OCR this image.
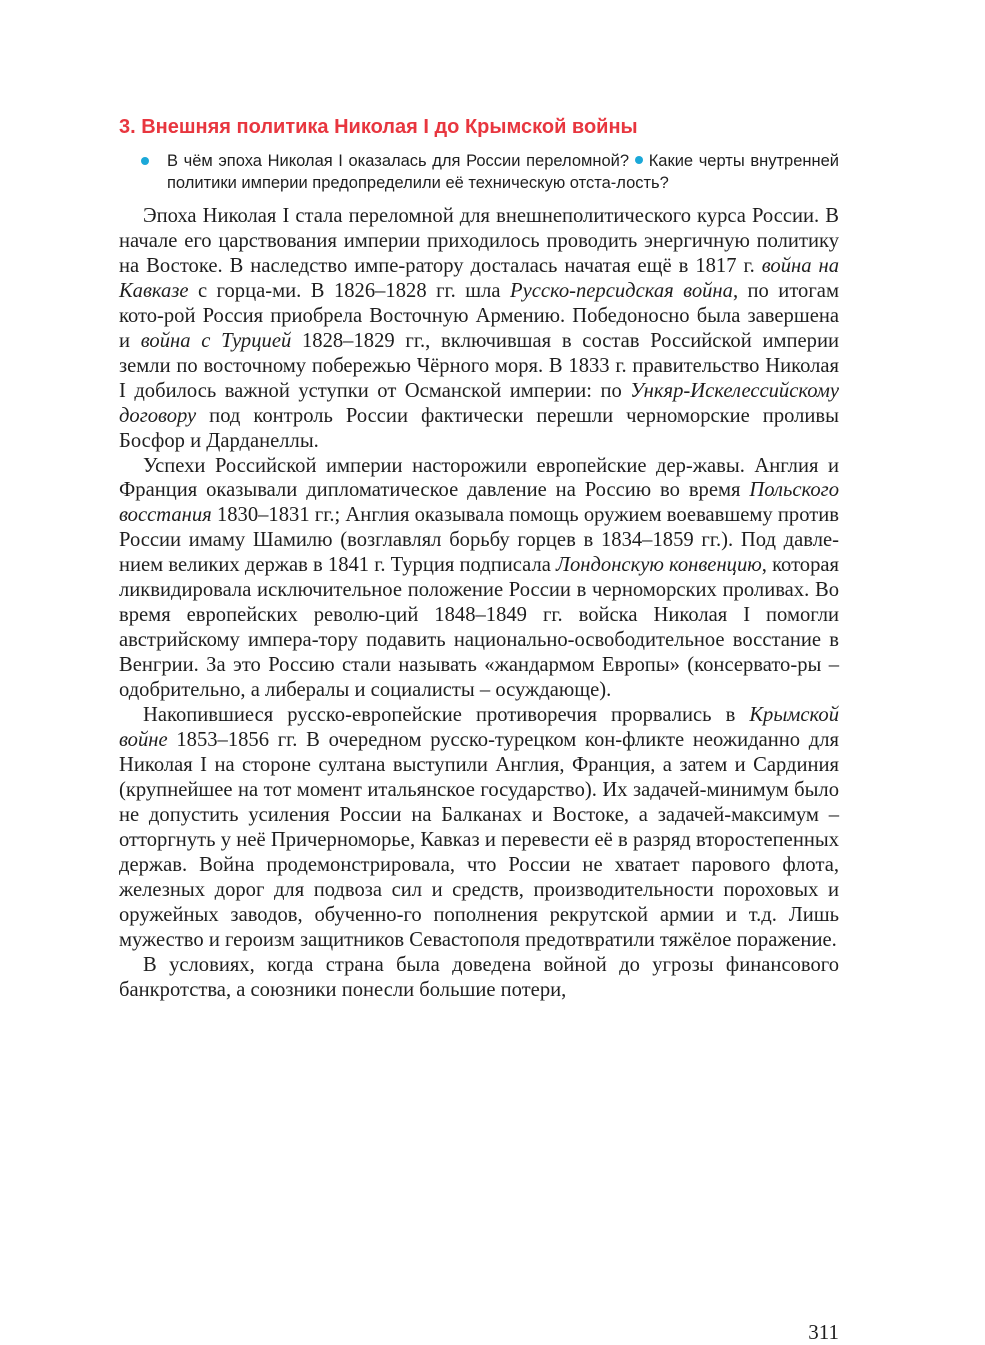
3. Внешняя политика Николая I до Крымской войны
В чём эпоха Николая I оказалась для России переломной? Какие черты внутренней политики империи предопределили её техническую отста-лость?

Эпоха Николая I стала переломной для внешнеполитического курса России. В начале его царствования империи приходилось проводить энергичную политику на Востоке. В наследство импе-ратору досталась начатая ещё в 1817 г. война на Кавказе с горца-ми. В 1826–1828 гг. шла Русско-персидская война, по итогам кото-рой Россия приобрела Восточную Армению. Победоносно была завершена и война с Турцией 1828–1829 гг., включившая в состав Российской империи земли по восточному побережью Чёрного моря. В 1833 г. правительство Николая I добилось важной уступки от Османской империи: по Ункяр-Искелессийскому договору под контроль России фактически перешли черноморские проливы Босфор и Дарданеллы.

Успехи Российской империи насторожили европейские дер-жавы. Англия и Франция оказывали дипломатическое давление на Россию во время Польского восстания 1830–1831 гг.; Англия оказывала помощь оружием воевавшему против России имаму Шамилю (возглавлял борьбу горцев в 1834–1859 гг.). Под давле-нием великих держав в 1841 г. Турция подписала Лондонскую конвенцию, которая ликвидировала исключительное положение России в черноморских проливах. Во время европейских револю-ций 1848–1849 гг. войска Николая I помогли австрийскому импера-тору подавить национально-освободительное восстание в Венгрии. За это Россию стали называть «жандармом Европы» (консервато-ры – одобрительно, а либералы и социалисты – осуждающе).

Накопившиеся русско-европейские противоречия прорвались в Крымской войне 1853–1856 гг. В очередном русско-турецком кон-фликте неожиданно для Николая I на стороне султана выступили Англия, Франция, а затем и Сардиния (крупнейшее на тот момент итальянское государство). Их задачей-минимум было не допустить усиления России на Балканах и Востоке, а задачей-максимум – отторгнуть у неё Причерноморье, Кавказ и перевести её в разряд второстепенных держав. Война продемонстрировала, что России не хватает парового флота, железных дорог для подвоза сил и средств, производительности пороховых и оружейных заводов, обученно-го пополнения рекрутской армии и т.д. Лишь мужество и героизм защитников Севастополя предотвратили тяжёлое поражение.

В условиях, когда страна была доведена войной до угрозы финансового банкротства, а союзники понесли большие потери,

311
